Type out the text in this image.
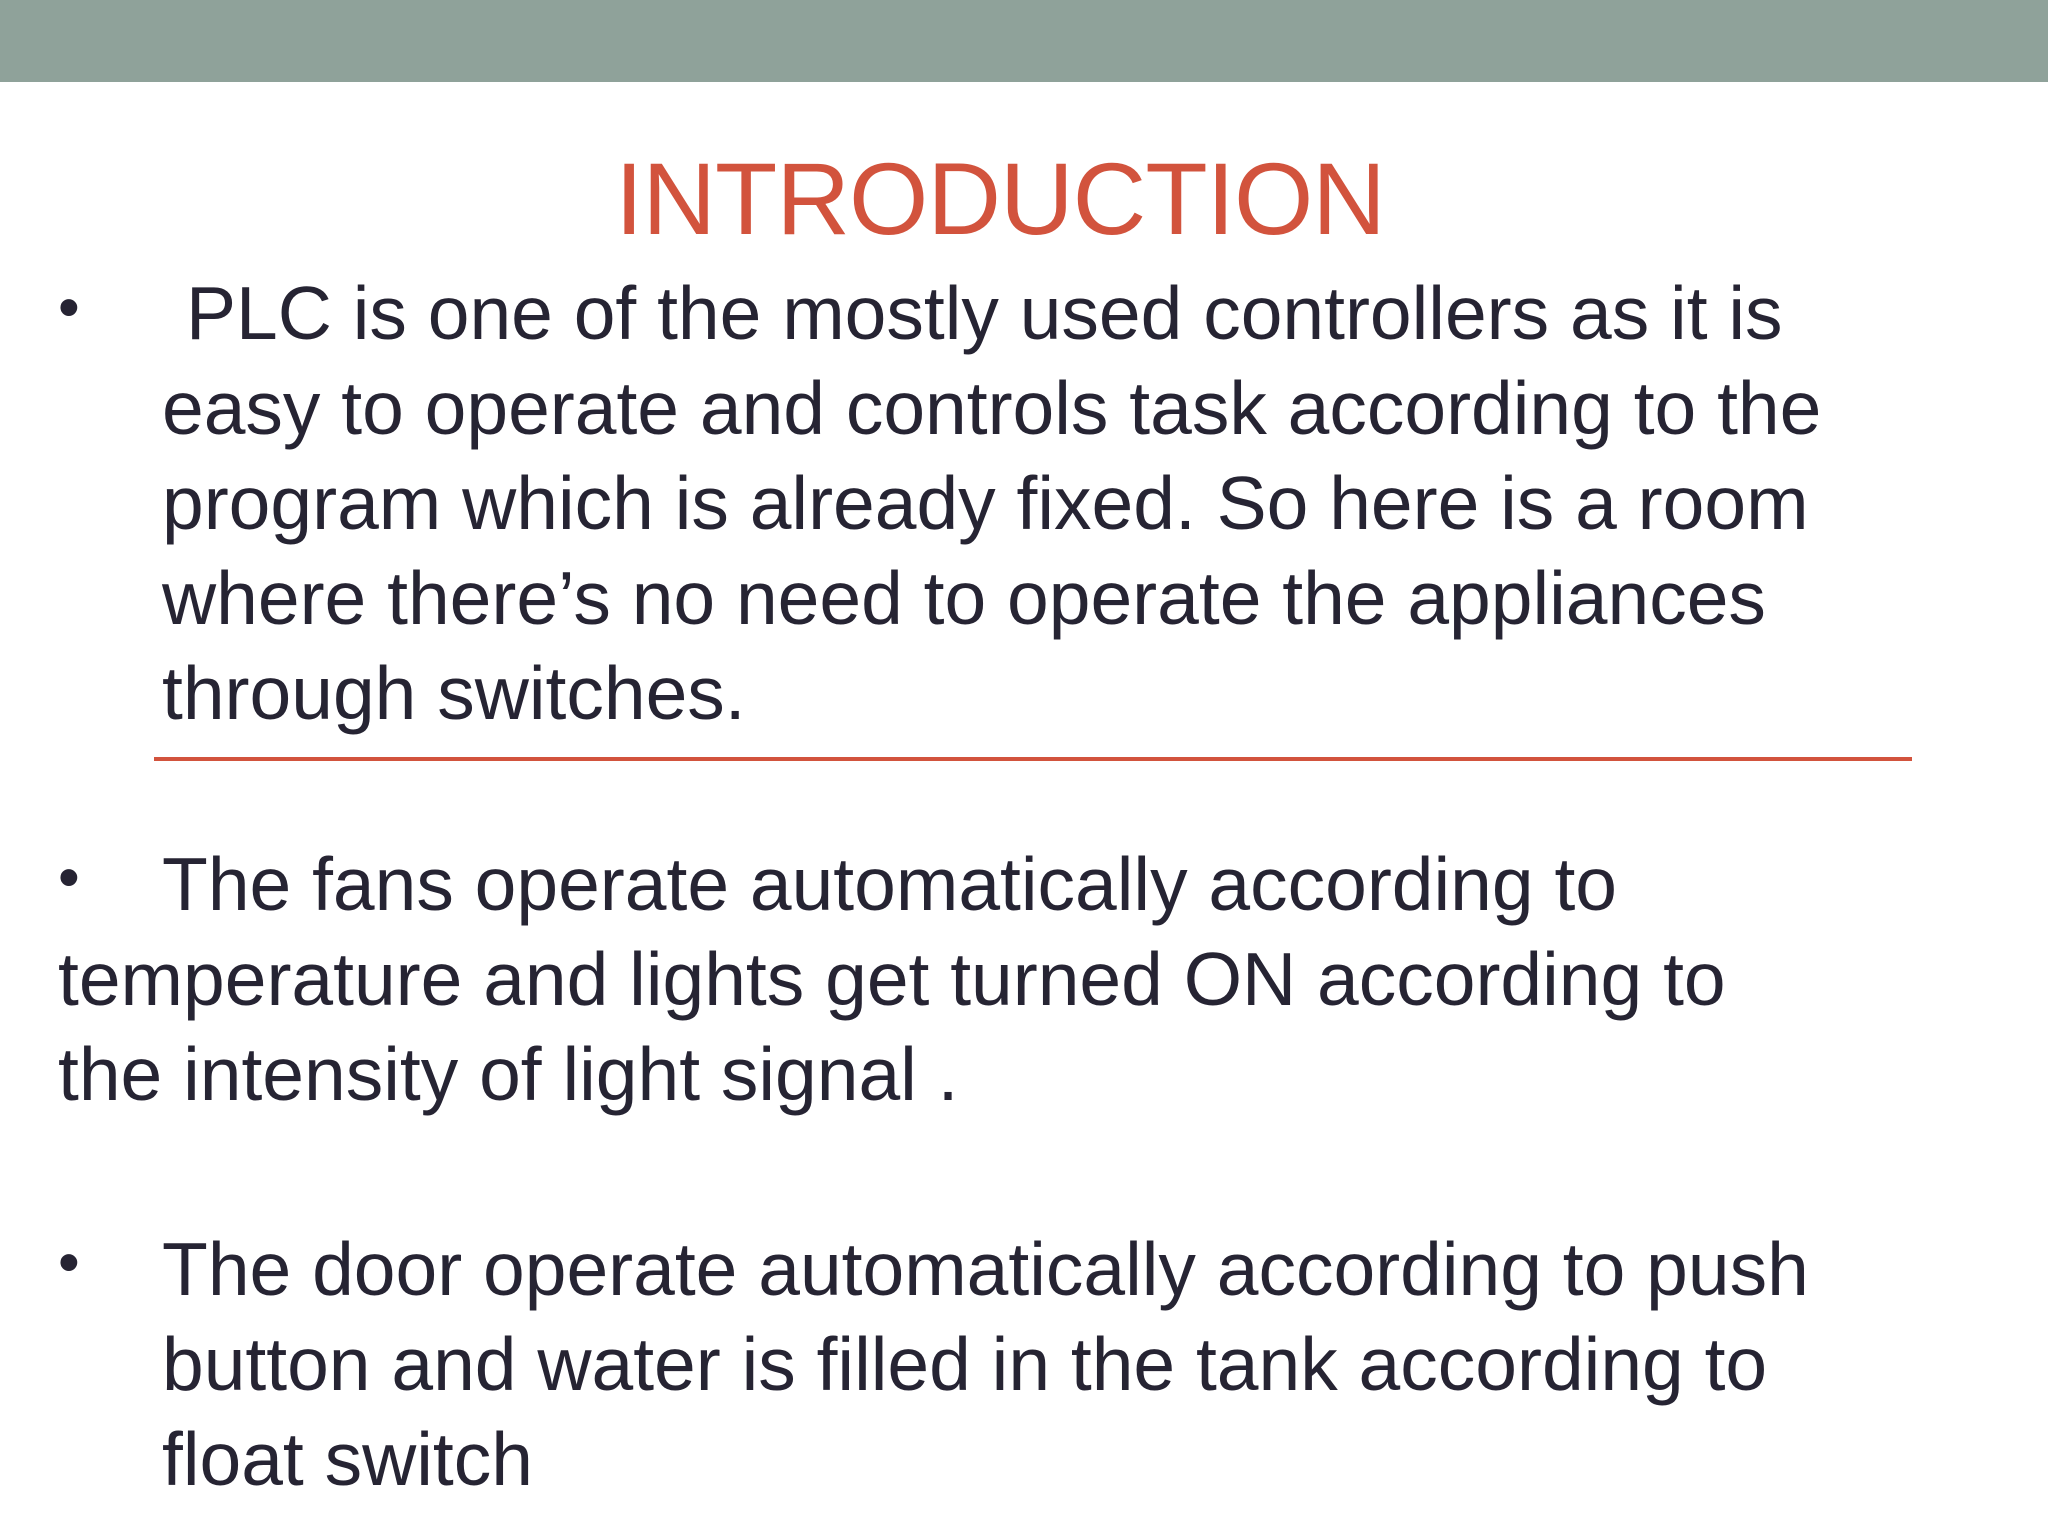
INTRODUCTION
•	PLC is one of the mostly used controllers as it is
easy to operate and controls task according to the
program which is already fixed. So here is a room
where there’s no need to operate the appliances
through switches.
•	The fans operate automatically according to
temperature and lights get turned ON according to
the intensity of light signal .
• The door operate automatically according to push
button and water is filled in the tank according to
float switch
